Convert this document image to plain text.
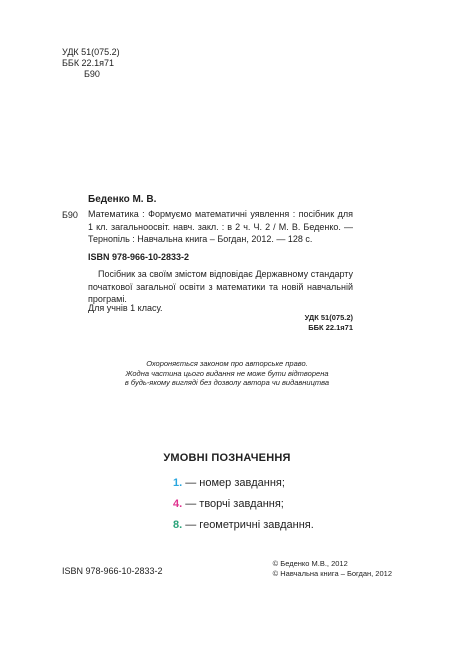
УДК 51(075.2)
ББК 22.1я71
Б90
Беденко М. В.
Б90 Математика : Формуємо математичні уявлення : посібник для 1 кл. загальноосвіт. навч. закл. : в 2 ч. Ч. 2 / М. В. Беденко. — Тернопіль : Навчальна книга – Богдан, 2012. — 128 с.
ISBN 978-966-10-2833-2
Посібник за своїм змістом відповідає Державному стандарту початкової загальної освіти з математики та новій навчальній програмі.
Для учнів 1 класу.
УДК 51(075.2)
ББК 22.1я71
Охороняється законом про авторське право.
Жодна частина цього видання не може бути відтворена
в будь-якому вигляді без дозволу автора чи видавництва
УМОВНІ ПОЗНАЧЕННЯ
1. — номер завдання;
4. — творчі завдання;
8. — геометричні завдання.
ISBN 978-966-10-2833-2
© Беденко М.В., 2012
© Навчальна книга – Богдан, 2012
